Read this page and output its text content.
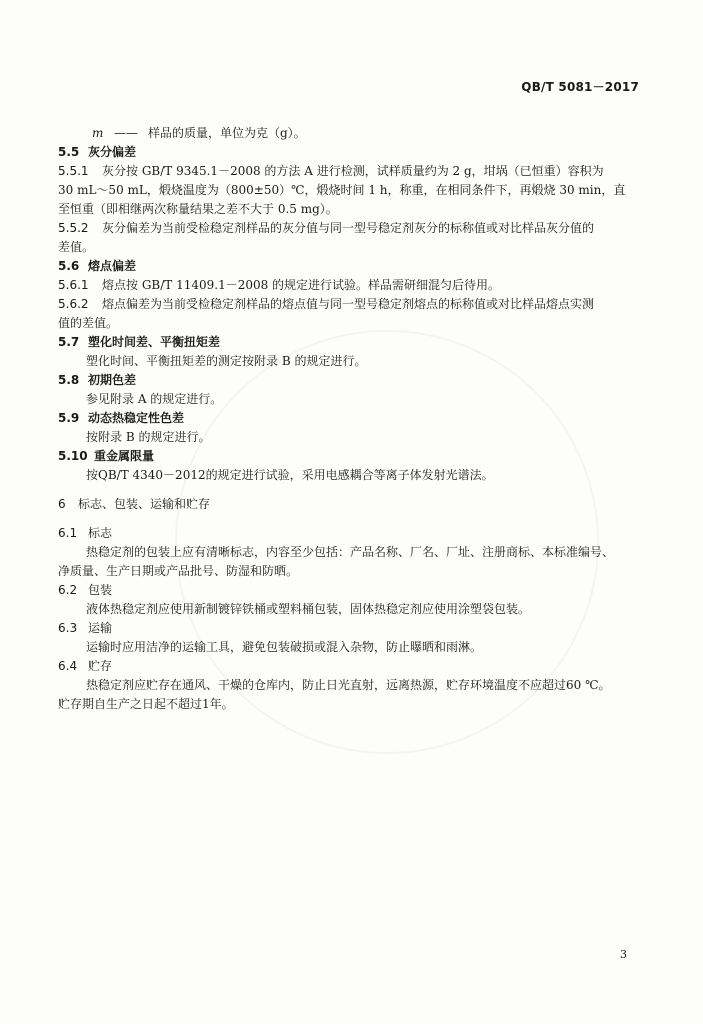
QB/T 5081－2017
m —— 样品的质量，单位为克（g）。
5.5 灰分偏差
5.5.1 灰分按 GB/T 9345.1－2008 的方法 A 进行检测，试样质量约为 2 g，坩埚（已恒重）容积为
30 mL～50 mL，煅烧温度为（800±50）℃，煅烧时间 1 h，称重，在相同条件下，再煅烧 30 min，直
至恒重（即相继两次称量结果之差不大于 0.5 mg）。
5.5.2 灰分偏差为当前受检稳定剂样品的灰分值与同一型号稳定剂灰分的标称值或对比样品灰分值的
差值。
5.6 熔点偏差
5.6.1 熔点按 GB/T 11409.1－2008 的规定进行试验。样品需研细混匀后待用。
5.6.2 熔点偏差为当前受检稳定剂样品的熔点值与同一型号稳定剂熔点的标称值或对比样品熔点实测
值的差值。
5.7 塑化时间差、平衡扭矩差
塑化时间、平衡扭矩差的测定按附录 B 的规定进行。
5.8 初期色差
参见附录 A 的规定进行。
5.9 动态热稳定性色差
按附录 B 的规定进行。
5.10 重金属限量
按QB/T 4340－2012的规定进行试验，采用电感耦合等离子体发射光谱法。
6 标志、包装、运输和贮存
6.1 标志
热稳定剂的包装上应有清晰标志，内容至少包括：产品名称、厂名、厂址、注册商标、本标准编号、
净质量、生产日期或产品批号、防湿和防晒。
6.2 包装
液体热稳定剂应使用新制镀锌铁桶或塑料桶包装，固体热稳定剂应使用涂塑袋包装。
6.3 运输
运输时应用洁净的运输工具，避免包装破损或混入杂物，防止曝晒和雨淋。
6.4 贮存
热稳定剂应贮存在通风、干燥的仓库内，防止日光直射，远离热源，贮存环境温度不应超过60 ℃。
贮存期自生产之日起不超过1年。
3
